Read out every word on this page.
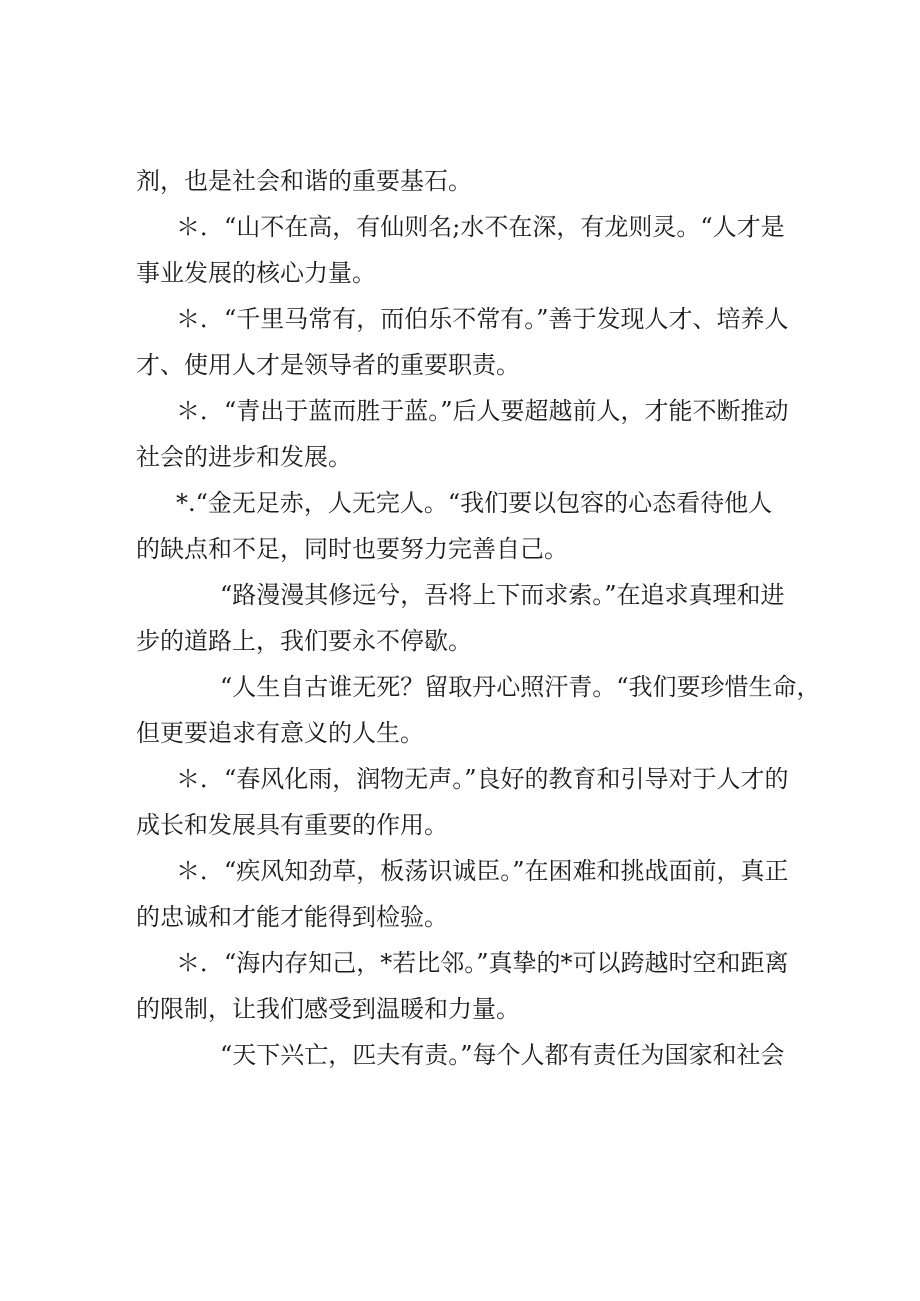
剂，也是社会和谐的重要基石。
＊．“山不在高，有仙则名;水不在深，有龙则灵。“人才是
事业发展的核心力量。
＊．“千里马常有，而伯乐不常有。”善于发现人才、培养人
才、使用人才是领导者的重要职责。
＊．“青出于蓝而胜于蓝。”后人要超越前人，才能不断推动
社会的进步和发展。
*.“金无足赤，人无完人。“我们要以包容的心态看待他人
的缺点和不足，同时也要努力完善自己。
“路漫漫其修远兮，吾将上下而求索。”在追求真理和进
步的道路上，我们要永不停歇。
“人生自古谁无死？留取丹心照汗青。“我们要珍惜生命，
但更要追求有意义的人生。
＊．“春风化雨，润物无声。”良好的教育和引导对于人才的
成长和发展具有重要的作用。
＊．“疾风知劲草，板荡识诚臣。”在困难和挑战面前，真正
的忠诚和才能才能得到检验。
＊．“海内存知己，*若比邻。”真挚的*可以跨越时空和距离
的限制，让我们感受到温暖和力量。
“天下兴亡，匹夫有责。”每个人都有责任为国家和社会
